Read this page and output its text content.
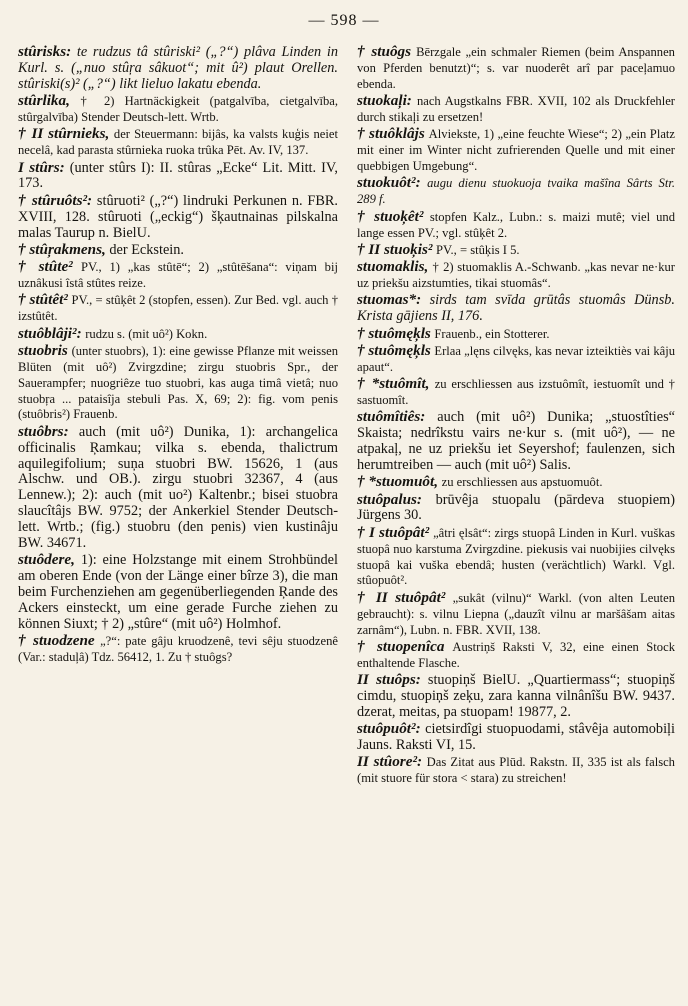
— 598 —

stûrisks: te rudzus tâ stûriski² („?“) plâva Linden in Kurl. s. („nuo stûŗa sâkuot“; mit û²) plaut Orellen. stûriski(s)² („?“) likt lieluo lakatu ebenda.

stûrlika, † 2) Hartnäckigkeit (patgalvība, cietgalvība, stûrgalvība) Stender Deutsch-lett. Wrtb.

† II stûrnieks, der Steuermann: bijâs, ka valsts kuģis neiet necelâ, kad parasta stûrnieka ruoka trûka Pēt. Av. IV, 137.

I stûrs: (unter stûrs I): II. stûras „Ecke“ Lit. Mitt. IV, 173.

† stûruôts²: stûruoti² („?“) lindruki Perkunen n. FBR. XVIII, 128. stûruoti („eckig“) šķautnainas pilskalna malas Taurup n. BielU.

† stûŗakmens, der Eckstein.

† stûte² PV., 1) „kas stûtē“; 2) „stûtēšana“: viņam bij uznâkusi îstâ stûtes reize.

† stûtêt² PV., = stûķêt 2 (stopfen, essen). Zur Bed. vgl. auch † izstûtêt.

stuôblâji²: rudzu s. (mit uô²) Kokn.

stuobris (unter stuobrs), 1): eine gewisse Pflanze mit weissen Blüten (mit uô²) Zvirgzdine; zirgu stuobris Spr., der Sauerampfer; nuogriêze tuo stuobri, kas auga timâ vietâ; nuo stuobŗa ... pataisîja stebuli Pas. X, 69; 2): fig. vom penis (stuôbris²) Frauenb.

stuôbrs: auch (mit uô²) Dunika, 1): archangelica officinalis Ŗamkau; vilka s. ebenda, thalictrum aquilegifolium; suņa stuobri BW. 15626, 1 (aus Alschw. und OB.). zirgu stuobri 32367, 4 (aus Lennew.); 2): auch (mit uo²) Kaltenbr.; bisei stuobra slaucîtâjs BW. 9752; der Ankerkiel Stender Deutsch-lett. Wrtb.; (fig.) stuobru (den penis) vien kustinâju BW. 34671.

stuôdere, 1): eine Holzstange mit einem Strohbündel am oberen Ende (von der Länge einer bîrze 3), die man beim Furchenziehen am gegenüberliegenden Ŗande des Ackers einsteckt, um eine gerade Furche ziehen zu können Siuxt; † 2) „stûre“ (mit uô²) Holmhof.

† stuodzene „?“: pate gâju kruodzenê, tevi sêju stuodzenê (Var.: staduļâ) Tdz. 56412, 1. Zu † stuôgs?

† stuôgs Bērzgale „ein schmaler Riemen (beim Anspannen von Pferden benutzt)“; s. var nuoderêt arî par paceļamuo ebenda.

stuokaļi: nach Augstkalns FBR. XVII, 102 als Druckfehler durch stikaļi zu ersetzen!

† stuôklâjs Alviekste, 1) „eine feuchte Wiese“; 2) „ein Platz mit einer im Winter nicht zufrierenden Quelle und mit einer quebbigen Umgebung“.

stuokuôt²: augu dienu stuokuoja tvaika mašîna Sârts Str. 289 f.

† stuoķêt² stopfen Kalz., Lubn.: s. maizi mutê; viel und lange essen PV.; vgl. stûķêt 2.

† II stuoķis² PV., = stûķis I 5.

stuomaklis, † 2) stuomaklis A.-Schwanb. „kas nevar ne·kur uz priekšu aizstumties, tikai stuomâs“.

stuomas*: sirds tam svīda grūtâs stuomâs Dünsb. Krista gājiens II, 176.

† stuômęķls Frauenb., ein Stotterer.

† stuômęķls Erlaa „lęns cilvęks, kas nevar izteiktiès vai kâju apaut“.

† *stuômît, zu erschliessen aus izstuômît, iestuomît und † sastuomît.

stuômîtiês: auch (mit uô²) Dunika; „stuostîties“ Skaista; nedrîkstu vairs ne·kur s. (mit uô²), — ne atpakaļ, ne uz priekšu iet Seyershof; faulenzen, sich herumtreiben — auch (mit uô²) Salis.

† *stuomuôt, zu erschliessen aus apstuomuôt.

stuôpalus: brūvêja stuopalu (pārdeva stuopiem) Jürgens 30.

† I stuôpât² „âtri ęlsât“: zirgs stuopâ Linden in Kurl. vuškas stuopâ nuo karstuma Zvirgzdine. piekusis vai nuobijies cilvęks stuopâ kai vuška ebendâ; husten (verächtlich) Warkl. Vgl. stûopuôt².

† II stuôpât² „sukât (vilnu)“ Warkl. (von alten Leuten gebraucht): s. vilnu Liepna („dauzît vilnu ar maršâšam aitas zarnâm“), Lubn. n. FBR. XVII, 138.

† stuopenîca Austriņš Raksti V, 32, eine einen Stock enthaltende Flasche.

II stuôps: stuopiņš BielU. „Quartiermass“; stuopiņš cimdu, stuopiņš zeķu, zara kanna vilnânîšu BW. 9437. dzerat, meitas, pa stuopam! 19877, 2.

stuôpuôt²: cietsirdîgi stuopuodami, stâvêja automobiļi Jauns. Raksti VI, 15.

II stûore²: Das Zitat aus Plūd. Rakstn. II, 335 ist als falsch (mit stuore für stora < stara) zu streichen!
